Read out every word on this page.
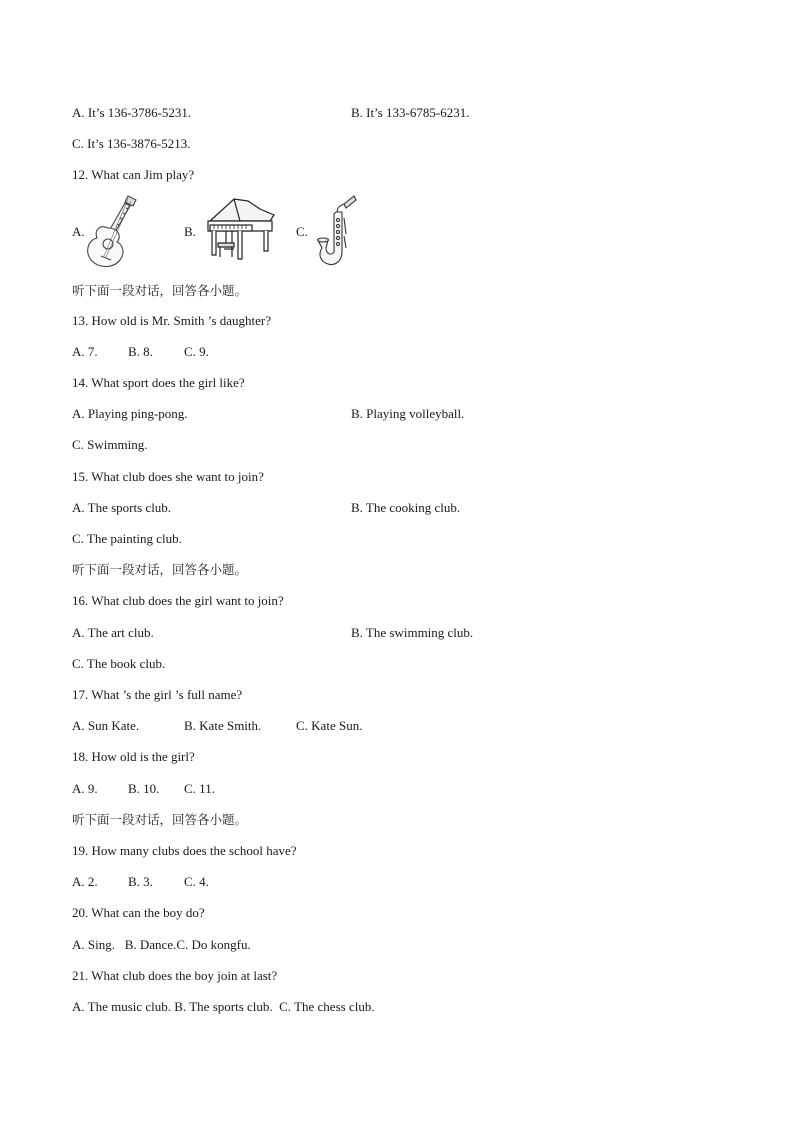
A. It’s 136-3786-5231.	B. It’s 133-6785-6231.
C. It’s 136-3876-5213.
12. What can Jim play?
A.	B.	C.
听下面一段对话，回答各小题。
13. How old is Mr. Smith ’s daughter?
A. 7. B. 8. C. 9.
14. What sport does the girl like?
A. Playing ping-pong.	B. Playing volleyball.
C. Swimming.
15. What club does she want to join?
A. The sports club.	B. The cooking club.
C. The painting club.
听下面一段对话，回答各小题。
16. What club does the girl want to join?
A. The art club.	B. The swimming club.
C. The book club.
17. What ’s the girl ’s full name?
A. Sun Kate.	B. Kate Smith.	C. Kate Sun.
18. How old is the girl?
A. 9. B. 10. C. 11.
听下面一段对话，回答各小题。
19. How many clubs does the school have?
A. 2. B. 3. C. 4.
20. What can the boy do?
A. Sing.   B. Dance.C. Do kongfu.
21. What club does the boy join at last?
A. The music club. B. The sports club.  C. The chess club.
